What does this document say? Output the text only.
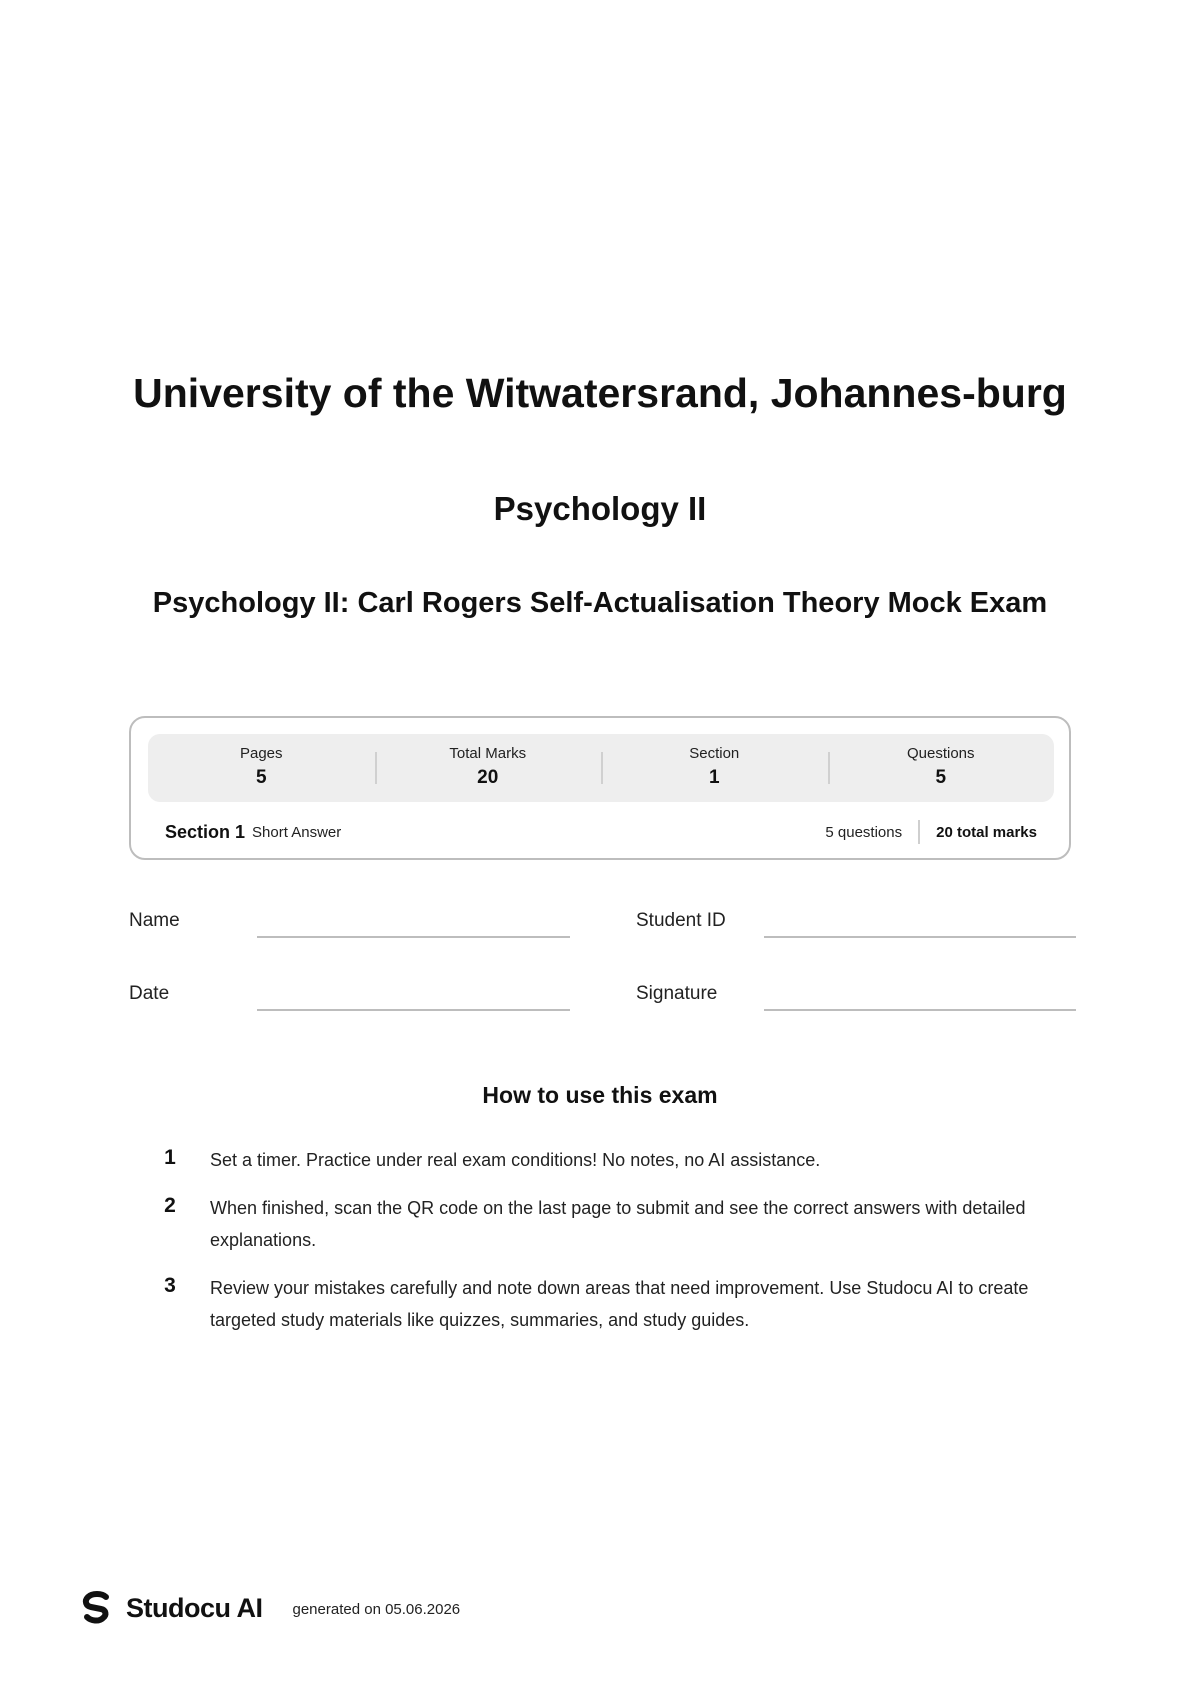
University of the Witwatersrand, Johannes-burg
Psychology II
Psychology II: Carl Rogers Self-Actualisation Theory Mock Exam
Pages
5
Total Marks
20
Section
1
Questions
5
Section 1 Short Answer	5 questions	20 total marks
Name	Student ID
Date	Signature
How to use this exam
1 Set a timer. Practice under real exam conditions! No notes, no AI assistance.
2 When finished, scan the QR code on the last page to submit and see the correct answers with detailed explanations.
3 Review your mistakes carefully and note down areas that need improvement. Use Studocu AI to create targeted study materials like quizzes, summaries, and study guides.
Studocu AI generated on 05.06.2026
